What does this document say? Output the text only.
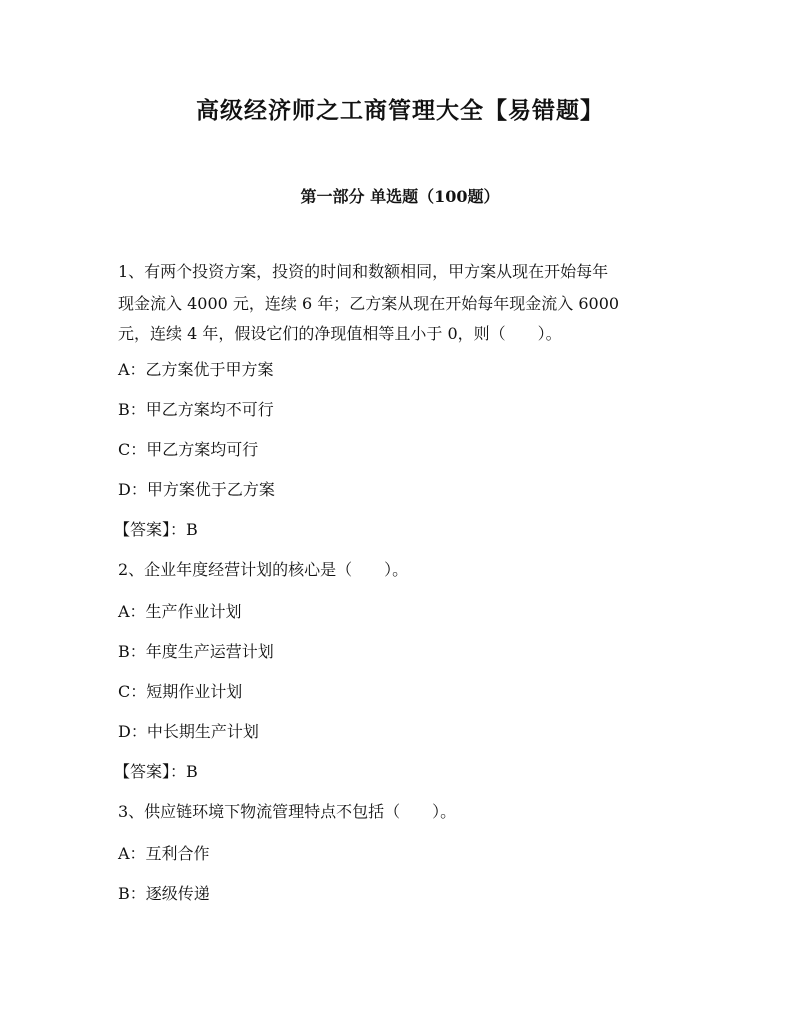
高级经济师之工商管理大全【易错题】
第一部分 单选题（100题）
1、有两个投资方案，投资的时间和数额相同，甲方案从现在开始每年
现金流入 4000 元，连续 6 年；乙方案从现在开始每年现金流入 6000
元，连续 4 年，假设它们的净现值相等且小于 0，则（　　）。
A：乙方案优于甲方案
B：甲乙方案均不可行
C：甲乙方案均可行
D：甲方案优于乙方案
【答案】：B
2、企业年度经营计划的核心是（　　）。
A：生产作业计划
B：年度生产运营计划
C：短期作业计划
D：中长期生产计划
【答案】：B
3、供应链环境下物流管理特点不包括（　　）。
A：互利合作
B：逐级传递
